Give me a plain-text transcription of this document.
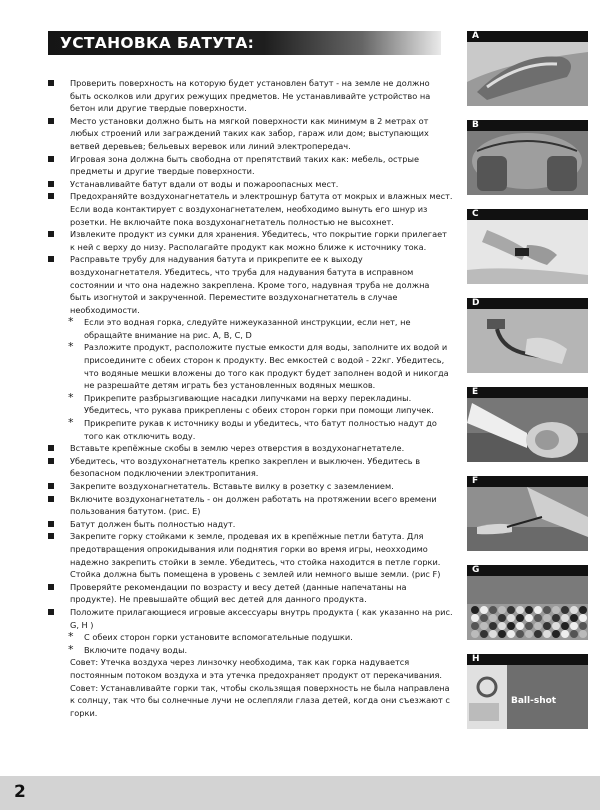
УСТАНОВКА БАТУТА:
Проверить поверхность на которую будет установлен батут - на земле не должно быть осколков или других режущих предметов. Не устанавливайте устройство на бетон или другие твердые поверхности.
Место установки должно быть на мягкой поверхности как минимум в 2 метрах от любых строений или заграждений таких как забор, гараж или дом; выступающих ветвей деревьев; бельевых веревок или линий электропередач.
Игровая зона должна быть свободна от препятствий таких как: мебель, острые предметы и другие твердые поверхности.
Устанавливайте батут вдали от воды и пожароопасных мест.
Предохраняйте воздухонагнетатель и электрошнур батута от мокрых и влажных мест. Если вода контактирует с воздухонагнетателем, необходимо вынуть его шнур из розетки. Не включайте пока воздухонагнетатель полностью не высохнет.
Извлеките продукт из сумки для хранения. Убедитесь, что покрытие горки прилегает к ней с верху до низу. Располагайте продукт как можно ближе к источнику тока.
Расправьте трубу для надувания батута и прикрепите ее к выходу воздухонагнетателя. Убедитесь, что труба для надувания батута в исправном состоянии и что она надежно закреплена. Кроме того, надувная труба не должна быть изогнутой и закрученной. Переместите воздухонагнетатель в случае необходимости.
* Если это водная горка, следуйте нижеуказанной инструкции, если нет, не обращайте внимание на рис. A, B, C, D
* Разложите продукт, расположите пустые емкости для воды, заполните их водой и присоедините с обеих сторон к продукту. Вес емкостей с водой - 22кг. Убедитесь, что водяные мешки вложены до того как продукт будет заполнен водой и никогда не разрешайте детям играть без установленных водяных мешков.
* Прикрепите разбрызгивающие насадки липучками на верху перекладины. Убедитесь, что рукава прикреплены с обеих сторон горки при помощи липучек.
* Прикрепите рукав к источнику воды и убедитесь, что батут полностью надут до того как отключить воду.
Вставьте крепёжные скобы в землю через отверстия в воздухонагнетателе.
Убедитесь, что воздухонагнетатель крепко закреплен и выключен. Убедитесь в безопасном подключении электропитания.
Закрепите воздухонагнетатель. Вставьте вилку в розетку с заземлением.
Включите воздухонагнетатель - он должен работать на протяжении всего времени пользования батутом. (рис. E)
Батут должен быть полностью надут.
Закрепите горку стойками к земле, продевая их в крепёжные петли батута. Для предотвращения опрокидывания или поднятия горки во время игры, неохходимо надежно закрепить стойки в земле. Убедитесь, что стойка находится в петле горки. Стойка должна быть помещена в уровень с землей или немного выше земли. (рис F)
Проверяйте рекомендации по возрасту и весу детей (данные напечатаны на продукте). Не превышайте общий вес детей для данного продукта.
Положите прилагающиеся игровые аксессуары внутрь продукта ( как указанно на рис. G, H )
* С обеих сторон горки установите вспомогательные подушки.
* Включите подачу воды.
Совет: Утечка воздуха через линзочку необходима, так как горка надувается постоянным потоком воздуха и эта утечка предохраняет продукт от перекачивания.
Совет: Устанавливайте горки так, чтобы скользящая поверхность не была направлена к солнцу, так что бы солнечные лучи не ослепляли глаза детей, когда они съезжают с горки.
A
B
C
D
E
F
G
H
Ball-shot
2
